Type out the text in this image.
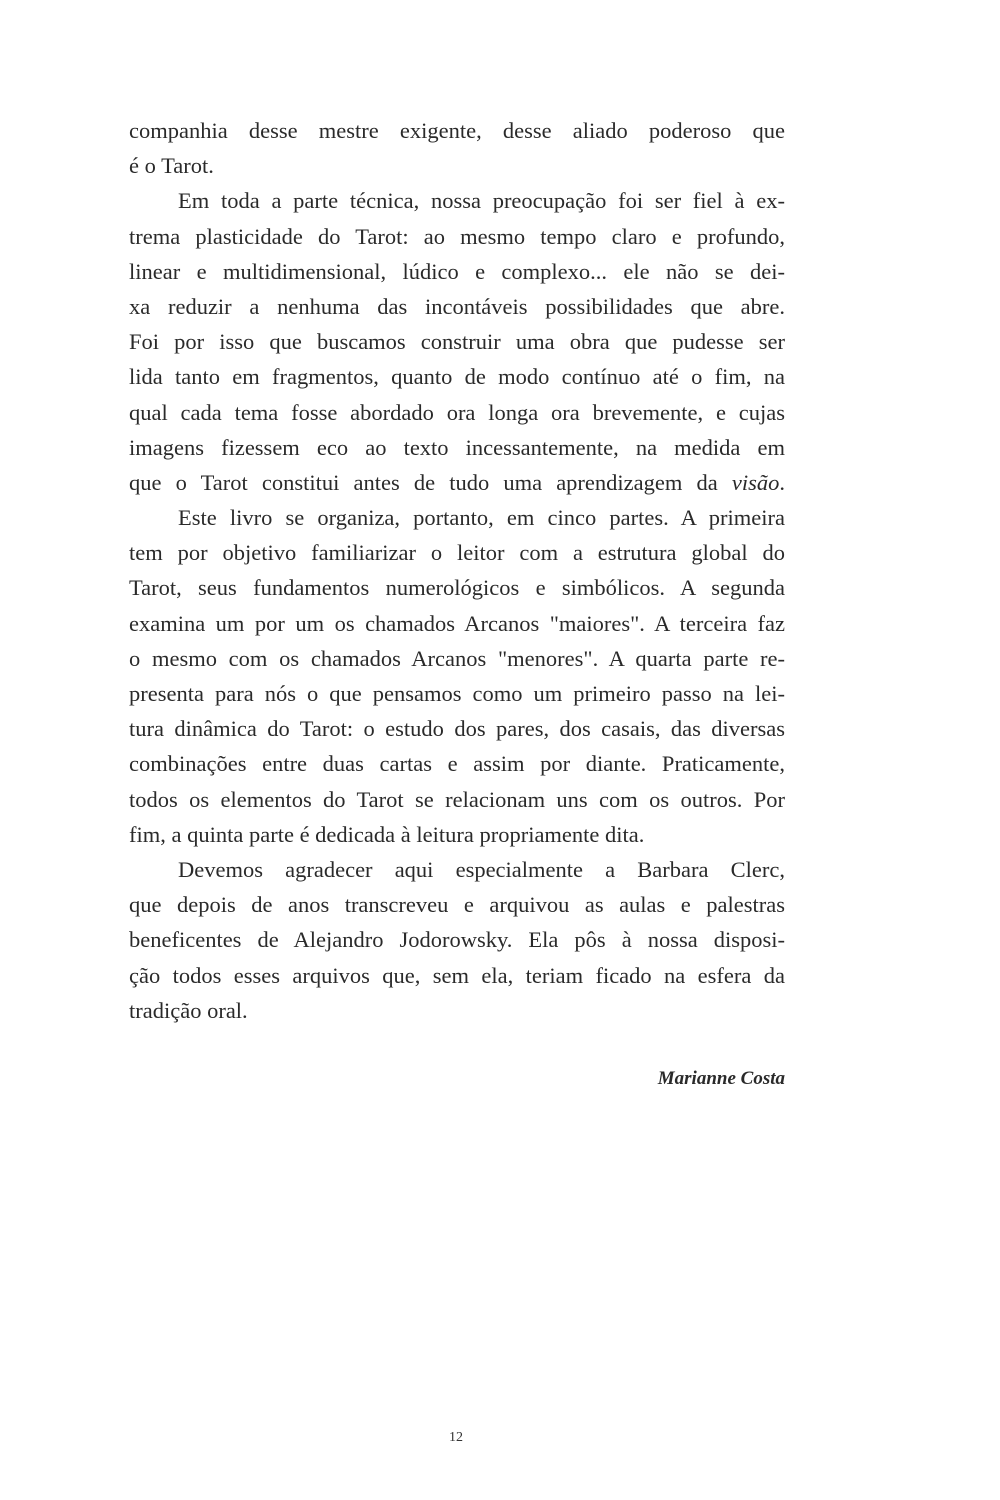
companhia desse mestre exigente, desse aliado poderoso que
é o Tarot.
Em toda a parte técnica, nossa preocupação foi ser fiel à ex-
trema plasticidade do Tarot: ao mesmo tempo claro e profundo,
linear e multidimensional, lúdico e complexo... ele não se dei-
xa reduzir a nenhuma das incontáveis possibilidades que abre.
Foi por isso que buscamos construir uma obra que pudesse ser
lida tanto em fragmentos, quanto de modo contínuo até o fim, na
qual cada tema fosse abordado ora longa ora brevemente, e cujas
imagens fizessem eco ao texto incessantemente, na medida em
que o Tarot constitui antes de tudo uma aprendizagem da visão.
Este livro se organiza, portanto, em cinco partes. A primeira
tem por objetivo familiarizar o leitor com a estrutura global do
Tarot, seus fundamentos numerológicos e simbólicos. A segunda
examina um por um os chamados Arcanos "maiores". A terceira faz
o mesmo com os chamados Arcanos "menores". A quarta parte re-
presenta para nós o que pensamos como um primeiro passo na lei-
tura dinâmica do Tarot: o estudo dos pares, dos casais, das diversas
combinações entre duas cartas e assim por diante. Praticamente,
todos os elementos do Tarot se relacionam uns com os outros. Por
fim, a quinta parte é dedicada à leitura propriamente dita.
Devemos agradecer aqui especialmente a Barbara Clerc,
que depois de anos transcreveu e arquivou as aulas e palestras
beneficentes de Alejandro Jodorowsky. Ela pôs à nossa disposi-
ção todos esses arquivos que, sem ela, teriam ficado na esfera da
tradição oral.
Marianne Costa
12
